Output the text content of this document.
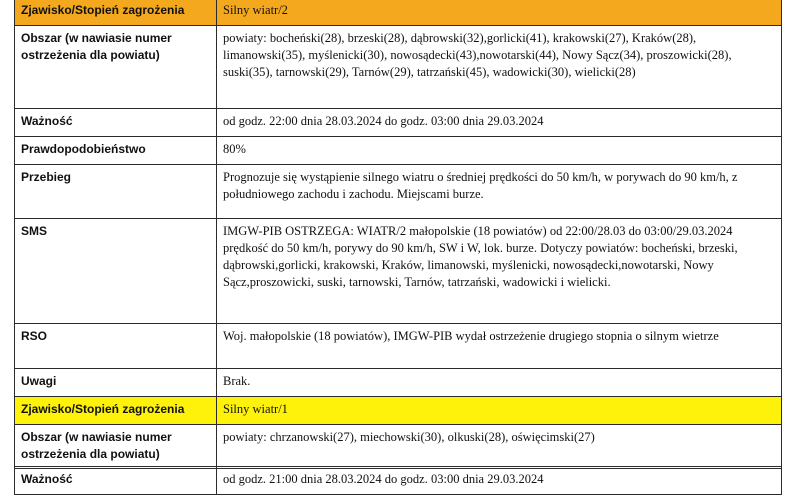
Zjawisko/Stopień zagrożenia	Silny wiatr/2
Obszar (w nawiasie numer ostrzeżenia dla powiatu)	powiaty: bocheński(28), brzeski(28), dąbrowski(32),gorlicki(41), krakowski(27), Kraków(28), limanowski(35), myślenicki(30), nowosądecki(43),nowotarski(44), Nowy Sącz(34), proszowicki(28), suski(35), tarnowski(29), Tarnów(29), tatrzański(45), wadowicki(30), wielicki(28)
Ważność	od godz. 22:00 dnia 28.03.2024 do godz. 03:00 dnia 29.03.2024
Prawdopodobieństwo	80%
Przebieg	Prognozuje się wystąpienie silnego wiatru o średniej prędkości do 50 km/h, w porywach do 90 km/h, z południowego zachodu i zachodu. Miejscami burze.
SMS	IMGW-PIB OSTRZEGA: WIATR/2 małopolskie (18 powiatów) od 22:00/28.03 do 03:00/29.03.2024 prędkość do 50 km/h, porywy do 90 km/h, SW i W, lok. burze. Dotyczy powiatów: bocheński, brzeski, dąbrowski,gorlicki, krakowski, Kraków, limanowski, myślenicki, nowosądecki,nowotarski, Nowy Sącz,proszowicki, suski, tarnowski, Tarnów, tatrzański, wadowicki i wielicki.
RSO	Woj. małopolskie (18 powiatów), IMGW-PIB wydał ostrzeżenie drugiego stopnia o silnym wietrze
Uwagi	Brak.
Zjawisko/Stopień zagrożenia	Silny wiatr/1
Obszar (w nawiasie numer ostrzeżenia dla powiatu)	powiaty: chrzanowski(27), miechowski(30), olkuski(28), oświęcimski(27)
Ważność	od godz. 21:00 dnia 28.03.2024 do godz. 03:00 dnia 29.03.2024
